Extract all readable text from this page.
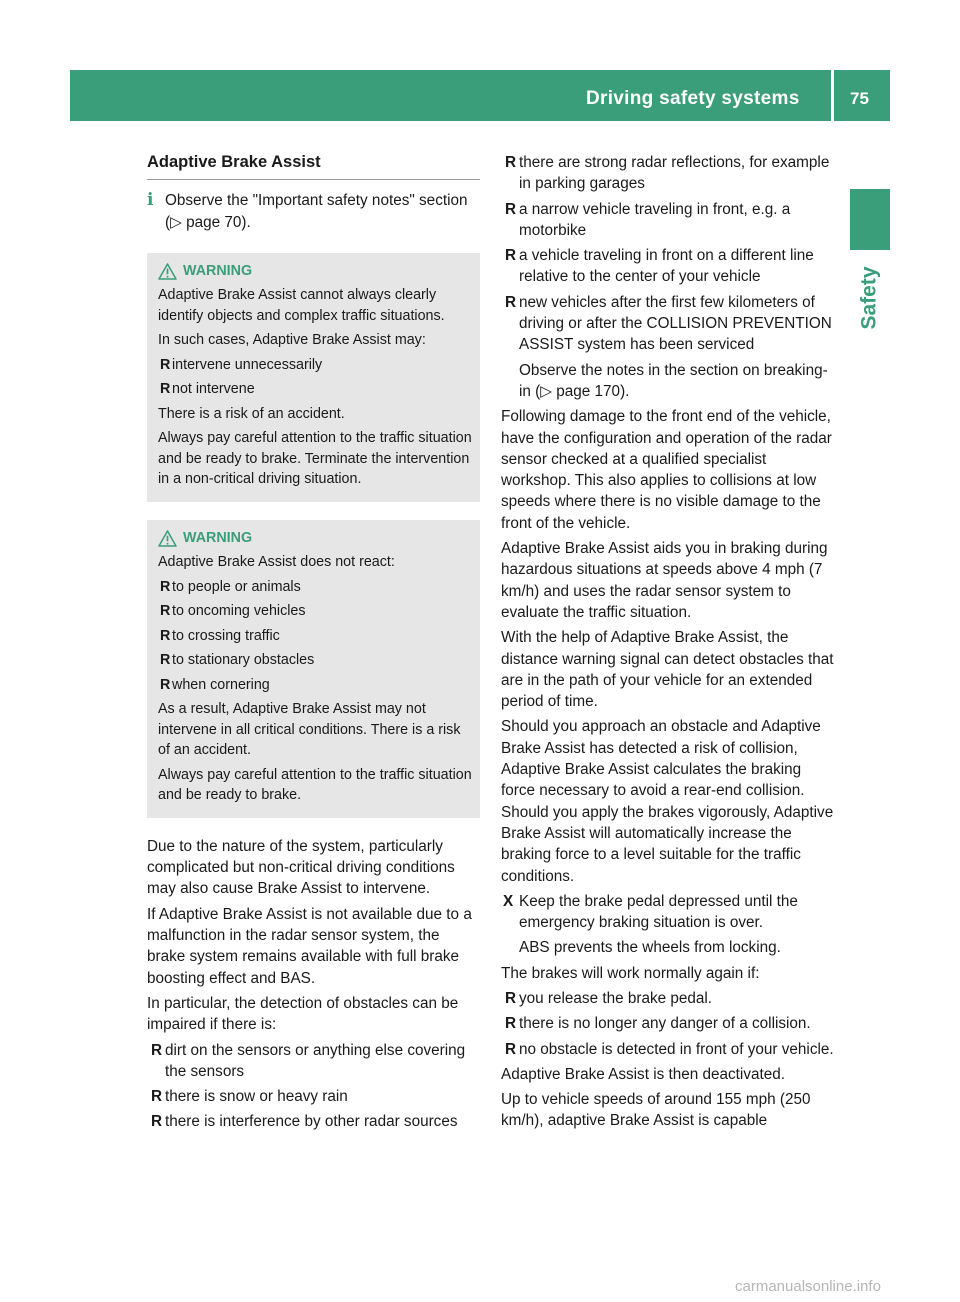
Driving safety systems	75
Safety
Adaptive Brake Assist
i Observe the "Important safety notes" section (▷ page 70).
WARNING

Adaptive Brake Assist cannot always clearly identify objects and complex traffic situations.

In such cases, Adaptive Brake Assist may:

R intervene unnecessarily
R not intervene

There is a risk of an accident.

Always pay careful attention to the traffic situation and be ready to brake. Terminate the intervention in a non-critical driving situation.

WARNING

Adaptive Brake Assist does not react:

R to people or animals
R to oncoming vehicles
R to crossing traffic
R to stationary obstacles
R when cornering

As a result, Adaptive Brake Assist may not intervene in all critical conditions. There is a risk of an accident.

Always pay careful attention to the traffic situation and be ready to brake.

Due to the nature of the system, particularly complicated but non-critical driving conditions may also cause Brake Assist to intervene.

If Adaptive Brake Assist is not available due to a malfunction in the radar sensor system, the brake system remains available with full brake boosting effect and BAS.

In particular, the detection of obstacles can be impaired if there is:

R dirt on the sensors or anything else covering the sensors
R there is snow or heavy rain
R there is interference by other radar sources
R there are strong radar reflections, for example in parking garages
R a narrow vehicle traveling in front, e.g. a motorbike
R a vehicle traveling in front on a different line relative to the center of your vehicle
R new vehicles after the first few kilometers of driving or after the COLLISION PREVENTION ASSIST system has been serviced

Observe the notes in the section on breaking-in (▷ page 170).

Following damage to the front end of the vehicle, have the configuration and operation of the radar sensor checked at a qualified specialist workshop. This also applies to collisions at low speeds where there is no visible damage to the front of the vehicle.

Adaptive Brake Assist aids you in braking during hazardous situations at speeds above 4 mph (7 km/h) and uses the radar sensor system to evaluate the traffic situation.

With the help of Adaptive Brake Assist, the distance warning signal can detect obstacles that are in the path of your vehicle for an extended period of time.

Should you approach an obstacle and Adaptive Brake Assist has detected a risk of collision, Adaptive Brake Assist calculates the braking force necessary to avoid a rear-end collision. Should you apply the brakes vigorously, Adaptive Brake Assist will automatically increase the braking force to a level suitable for the traffic conditions.

X Keep the brake pedal depressed until the emergency braking situation is over.

ABS prevents the wheels from locking.

The brakes will work normally again if:

R you release the brake pedal.
R there is no longer any danger of a collision.
R no obstacle is detected in front of your vehicle.

Adaptive Brake Assist is then deactivated.

Up to vehicle speeds of around 155 mph (250 km/h), adaptive Brake Assist is capable

carmanualsonline.info
